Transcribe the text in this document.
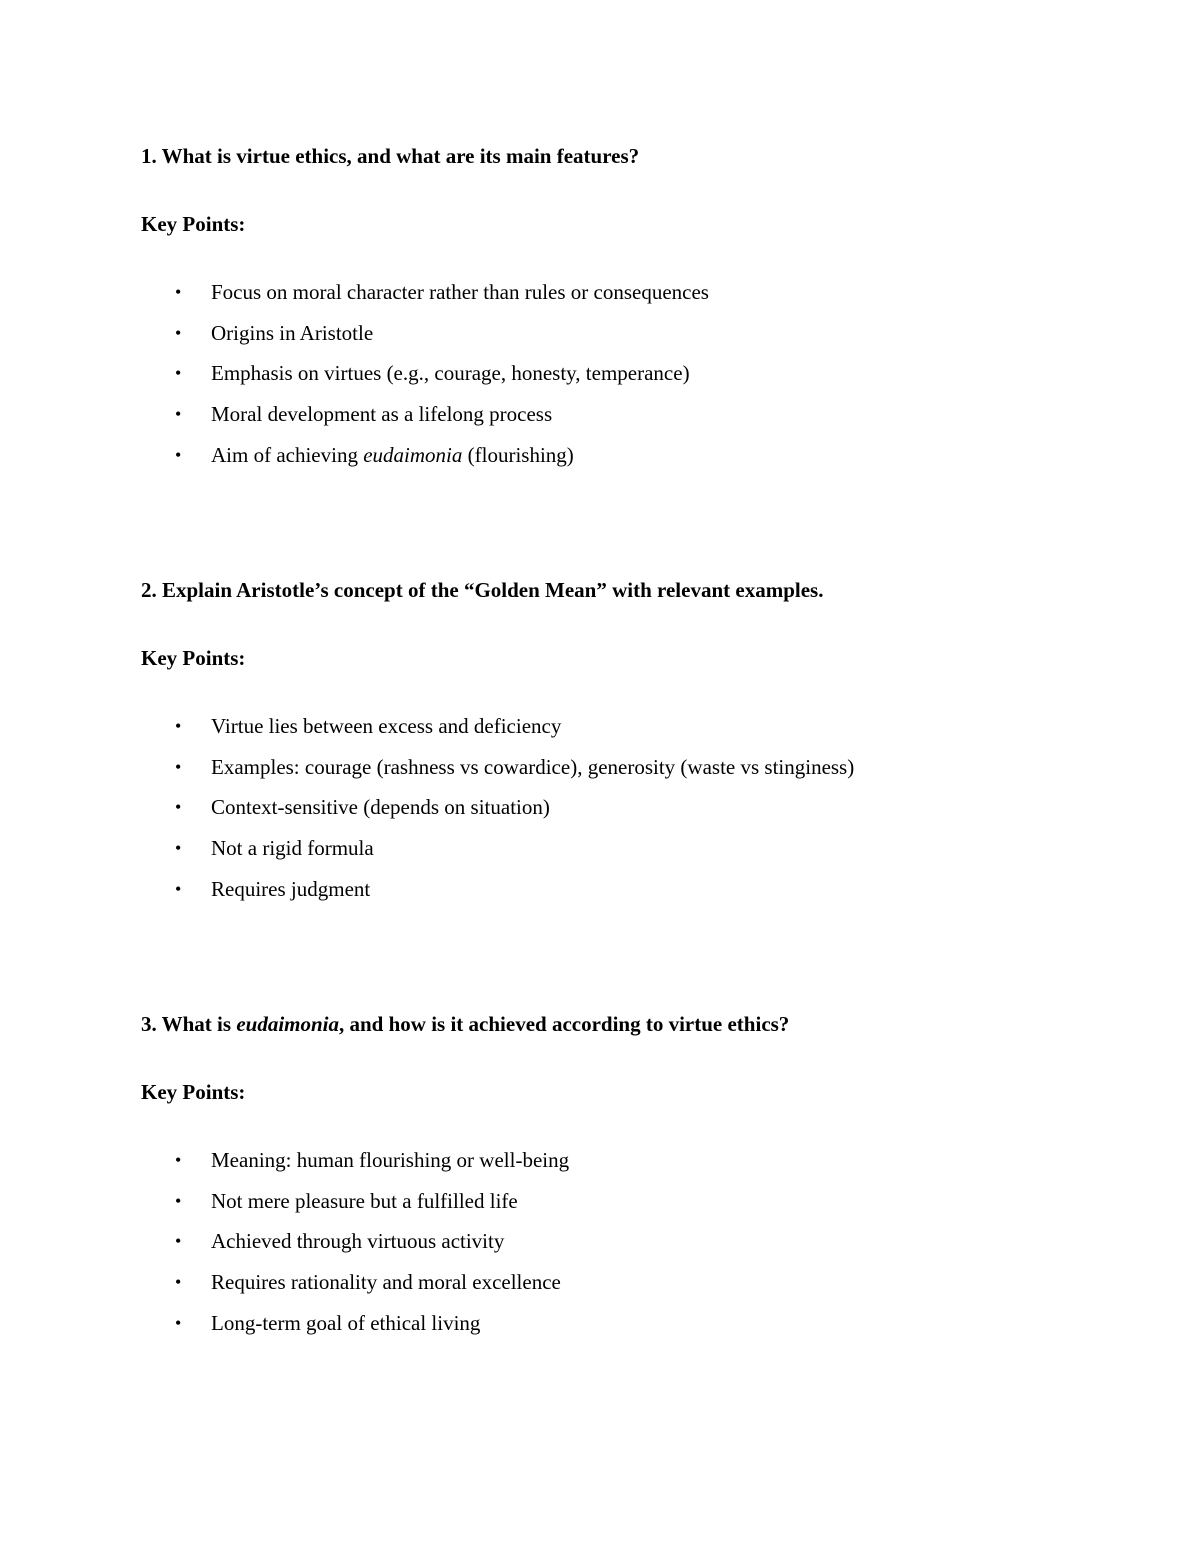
1. What is virtue ethics, and what are its main features?

Key Points:

• Focus on moral character rather than rules or consequences
• Origins in Aristotle
• Emphasis on virtues (e.g., courage, honesty, temperance)
• Moral development as a lifelong process
• Aim of achieving eudaimonia (flourishing)

2. Explain Aristotle’s concept of the “Golden Mean” with relevant examples.

Key Points:

• Virtue lies between excess and deficiency
• Examples: courage (rashness vs cowardice), generosity (waste vs stinginess)
• Context-sensitive (depends on situation)
• Not a rigid formula
• Requires judgment

3. What is eudaimonia, and how is it achieved according to virtue ethics?

Key Points:

• Meaning: human flourishing or well-being
• Not mere pleasure but a fulfilled life
• Achieved through virtuous activity
• Requires rationality and moral excellence
• Long-term goal of ethical living
